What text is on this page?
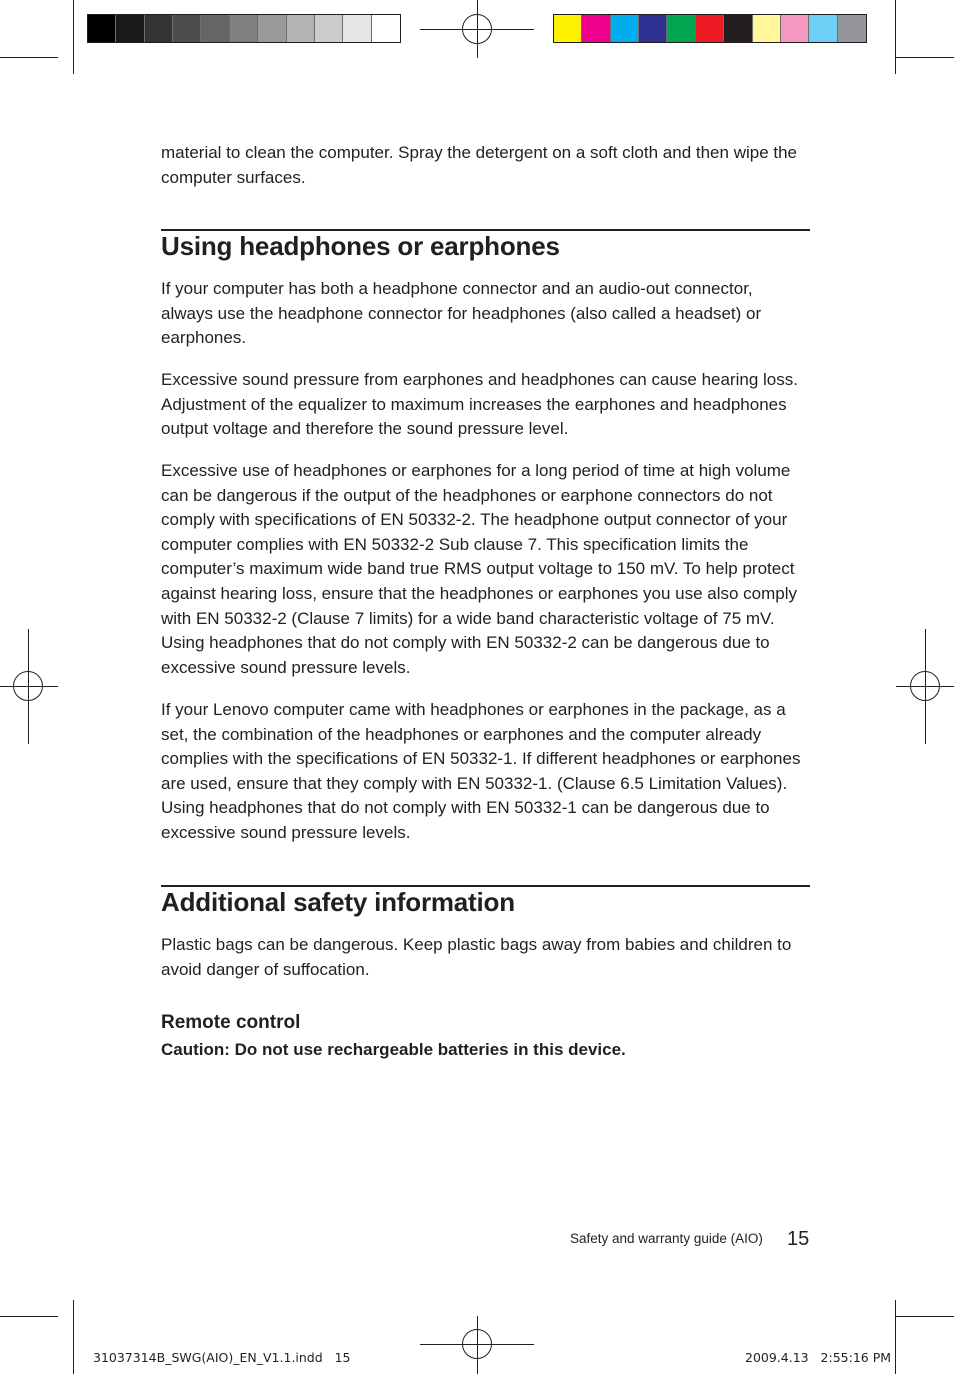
material to clean the computer. Spray the detergent on a soft cloth and then wipe the computer surfaces.

Using headphones or earphones

If your computer has both a headphone connector and an audio-out connector, always use the headphone connector for headphones (also called a headset) or earphones.

Excessive sound pressure from earphones and headphones can cause hearing loss. Adjustment of the equalizer to maximum increases the earphones and headphones output voltage and therefore the sound pressure level.

Excessive use of headphones or earphones for a long period of time at high volume can be dangerous if the output of the headphones or earphone connectors do not comply with specifications of EN 50332-2. The headphone output connector of your computer complies with EN 50332-2 Sub clause 7. This specification limits the computer’s maximum wide band true RMS output voltage to 150 mV. To help protect against hearing loss, ensure that the headphones or earphones you use also comply with EN 50332-2 (Clause 7 limits) for a wide band characteristic voltage of 75 mV. Using headphones that do not comply with EN 50332-2 can be dangerous due to excessive sound pressure levels.

If your Lenovo computer came with headphones or earphones in the package, as a set, the combination of the headphones or earphones and the computer already complies with the specifications of EN 50332-1. If different headphones or earphones are used, ensure that they comply with EN 50332-1. (Clause 6.5 Limitation Values). Using headphones that do not comply with EN 50332-1 can be dangerous due to excessive sound pressure levels.

Additional safety information

Plastic bags can be dangerous. Keep plastic bags away from babies and children to avoid danger of suffocation.

Remote control

Caution: Do not use rechargeable batteries in this device.

Safety and warranty guide (AIO) 15
31037314B_SWG(AIO)_EN_V1.1.indd   15	2009.4.13   2:55:16 PM
